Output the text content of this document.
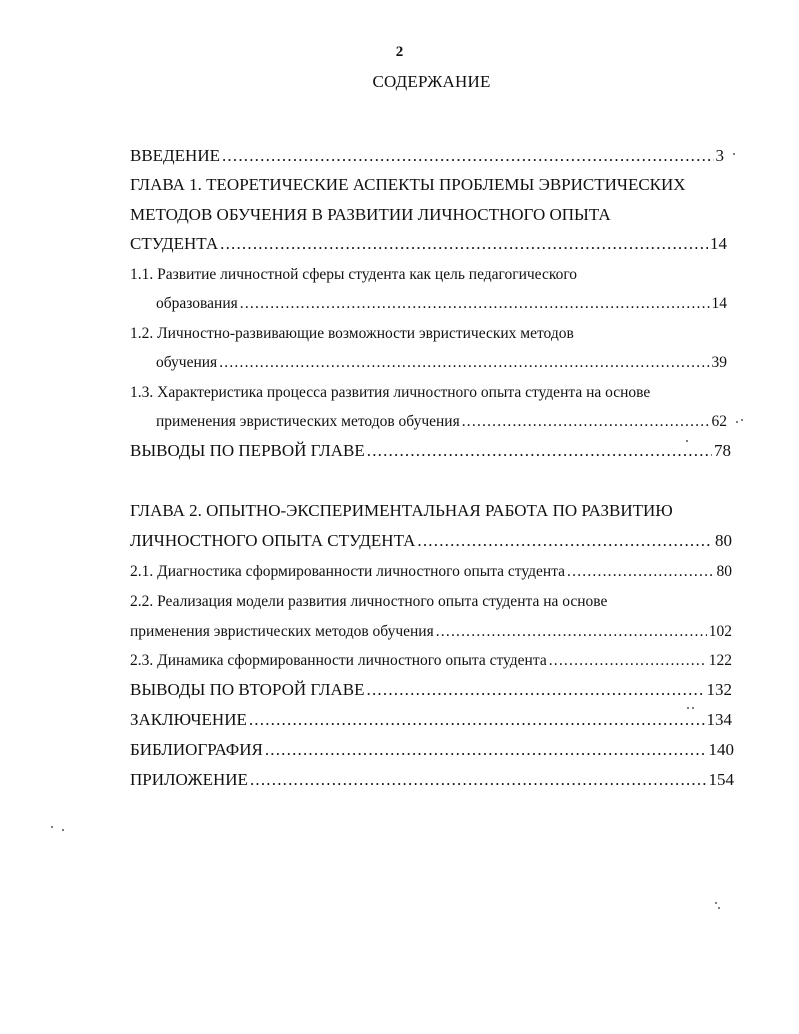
2
СОДЕРЖАНИЕ
ВВЕДЕНИЕ .....	3
ГЛАВА 1. ТЕОРЕТИЧЕСКИЕ АСПЕКТЫ ПРОБЛЕМЫ ЭВРИСТИЧЕСКИХ
МЕТОДОВ ОБУЧЕНИЯ В РАЗВИТИИ ЛИЧНОСТНОГО ОПЫТА
СТУДЕНТА .....	14
1.1. Развитие личностной сферы студента как цель педагогического
образования .....	14
1.2. Личностно-развивающие возможности эвристических методов
обучения .....	39
1.3. Характеристика процесса развития личностного опыта студента на основе
применения эвристических методов обучения .....	62
ВЫВОДЫ ПО ПЕРВОЙ ГЛАВЕ .....	78
ГЛАВА 2. ОПЫТНО-ЭКСПЕРИМЕНТАЛЬНАЯ РАБОТА ПО РАЗВИТИЮ
ЛИЧНОСТНОГО ОПЫТА СТУДЕНТА .....	80
2.1. Диагностика сформированности личностного опыта студента .....	80
2.2. Реализация модели развития личностного опыта студента на основе
применения эвристических методов обучения .....	102
2.3. Динамика сформированности личностного опыта студента .....	122
ВЫВОДЫ ПО ВТОРОЙ ГЛАВЕ .....	132
ЗАКЛЮЧЕНИЕ .....	134
БИБЛИОГРАФИЯ .....	140
ПРИЛОЖЕНИЕ .....	154
